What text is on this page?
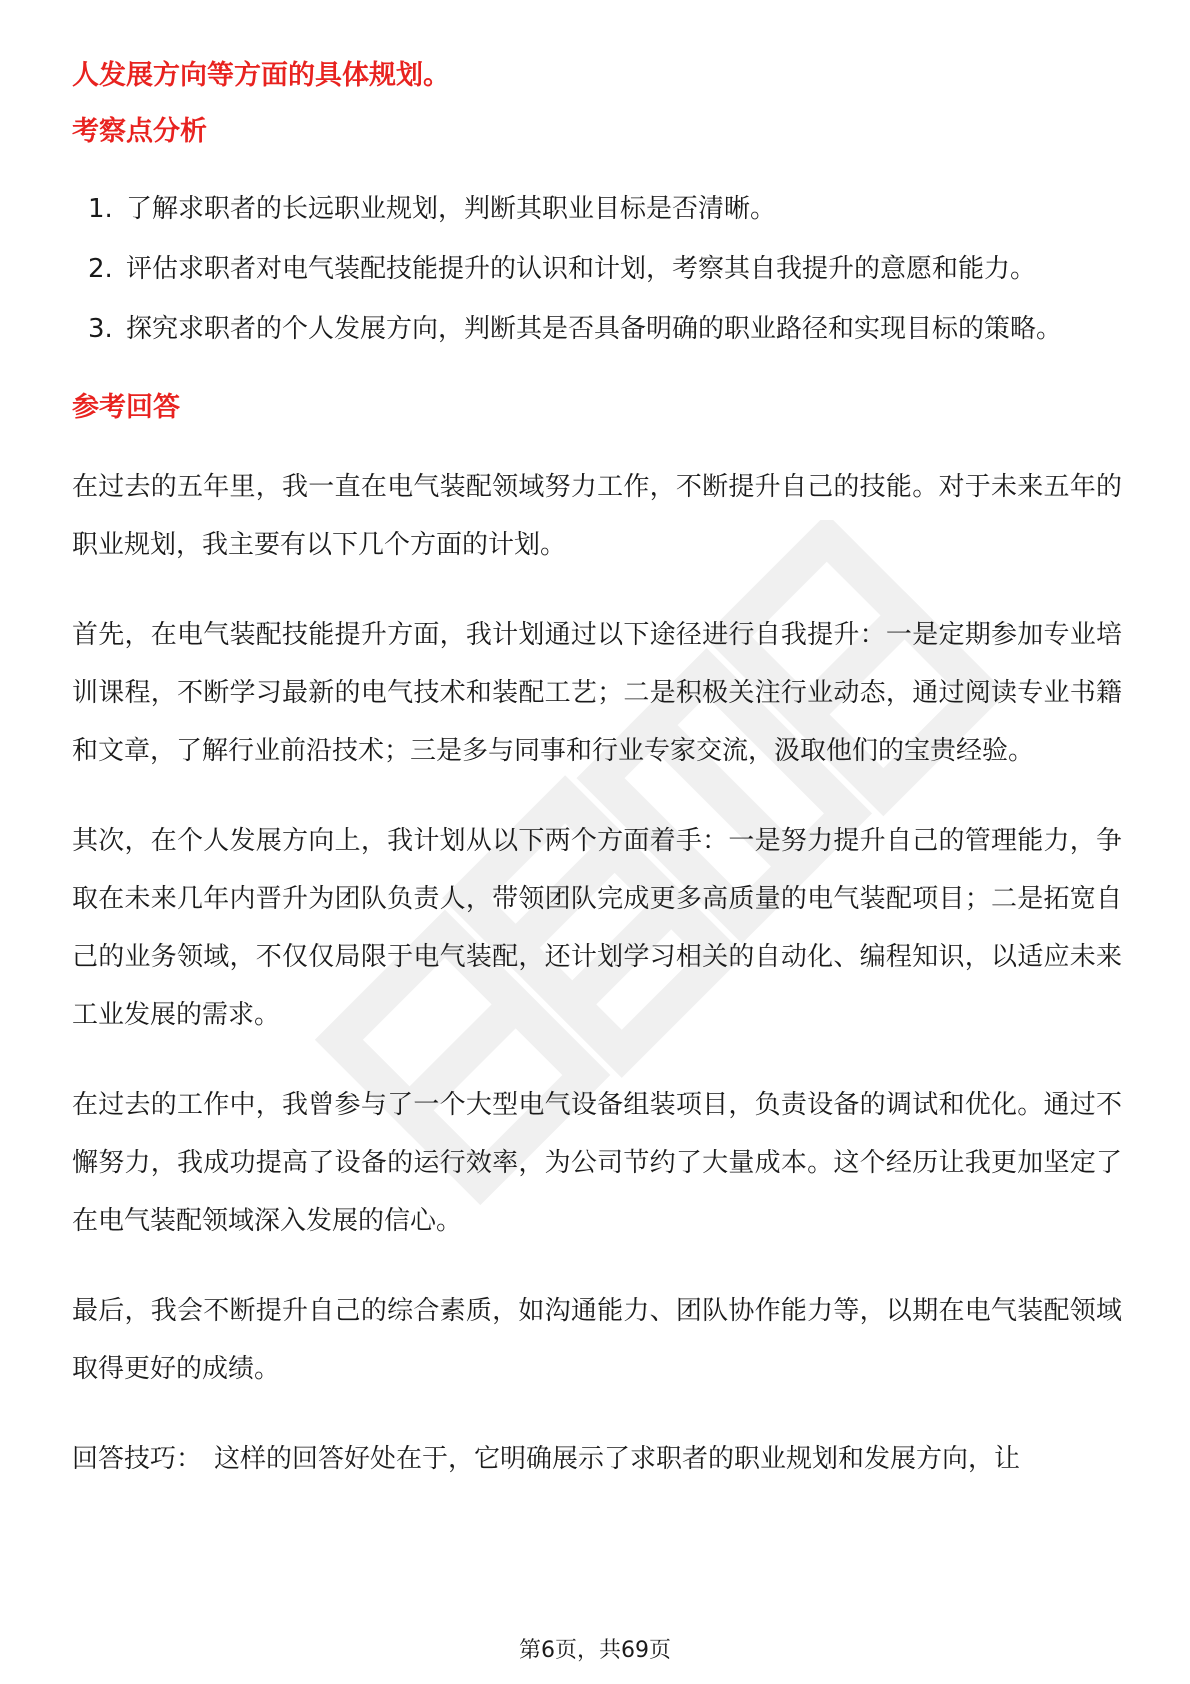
人发展方向等方面的具体规划。
考察点分析
1. 了解求职者的长远职业规划，判断其职业目标是否清晰。
2. 评估求职者对电气装配技能提升的认识和计划，考察其自我提升的意愿和能力。
3. 探究求职者的个人发展方向，判断其是否具备明确的职业路径和实现目标的策略。
参考回答

在过去的五年里，我一直在电气装配领域努力工作，不断提升自己的技能。对于未来五年的职业规划，我主要有以下几个方面的计划。

首先，在电气装配技能提升方面，我计划通过以下途径进行自我提升：一是定期参加专业培训课程，不断学习最新的电气技术和装配工艺；二是积极关注行业动态，通过阅读专业书籍和文章，了解行业前沿技术；三是多与同事和行业专家交流，汲取他们的宝贵经验。

其次，在个人发展方向上，我计划从以下两个方面着手：一是努力提升自己的管理能力，争取在未来几年内晋升为团队负责人，带领团队完成更多高质量的电气装配项目；二是拓宽自己的业务领域，不仅仅局限于电气装配，还计划学习相关的自动化、编程知识，以适应未来工业发展的需求。

在过去的工作中，我曾参与了一个大型电气设备组装项目，负责设备的调试和优化。通过不懈努力，我成功提高了设备的运行效率，为公司节约了大量成本。这个经历让我更加坚定了在电气装配领域深入发展的信心。

最后，我会不断提升自己的综合素质，如沟通能力、团队协作能力等，以期在电气装配领域取得更好的成绩。

回答技巧： 这样的回答好处在于，它明确展示了求职者的职业规划和发展方向，让

第6页，共69页
